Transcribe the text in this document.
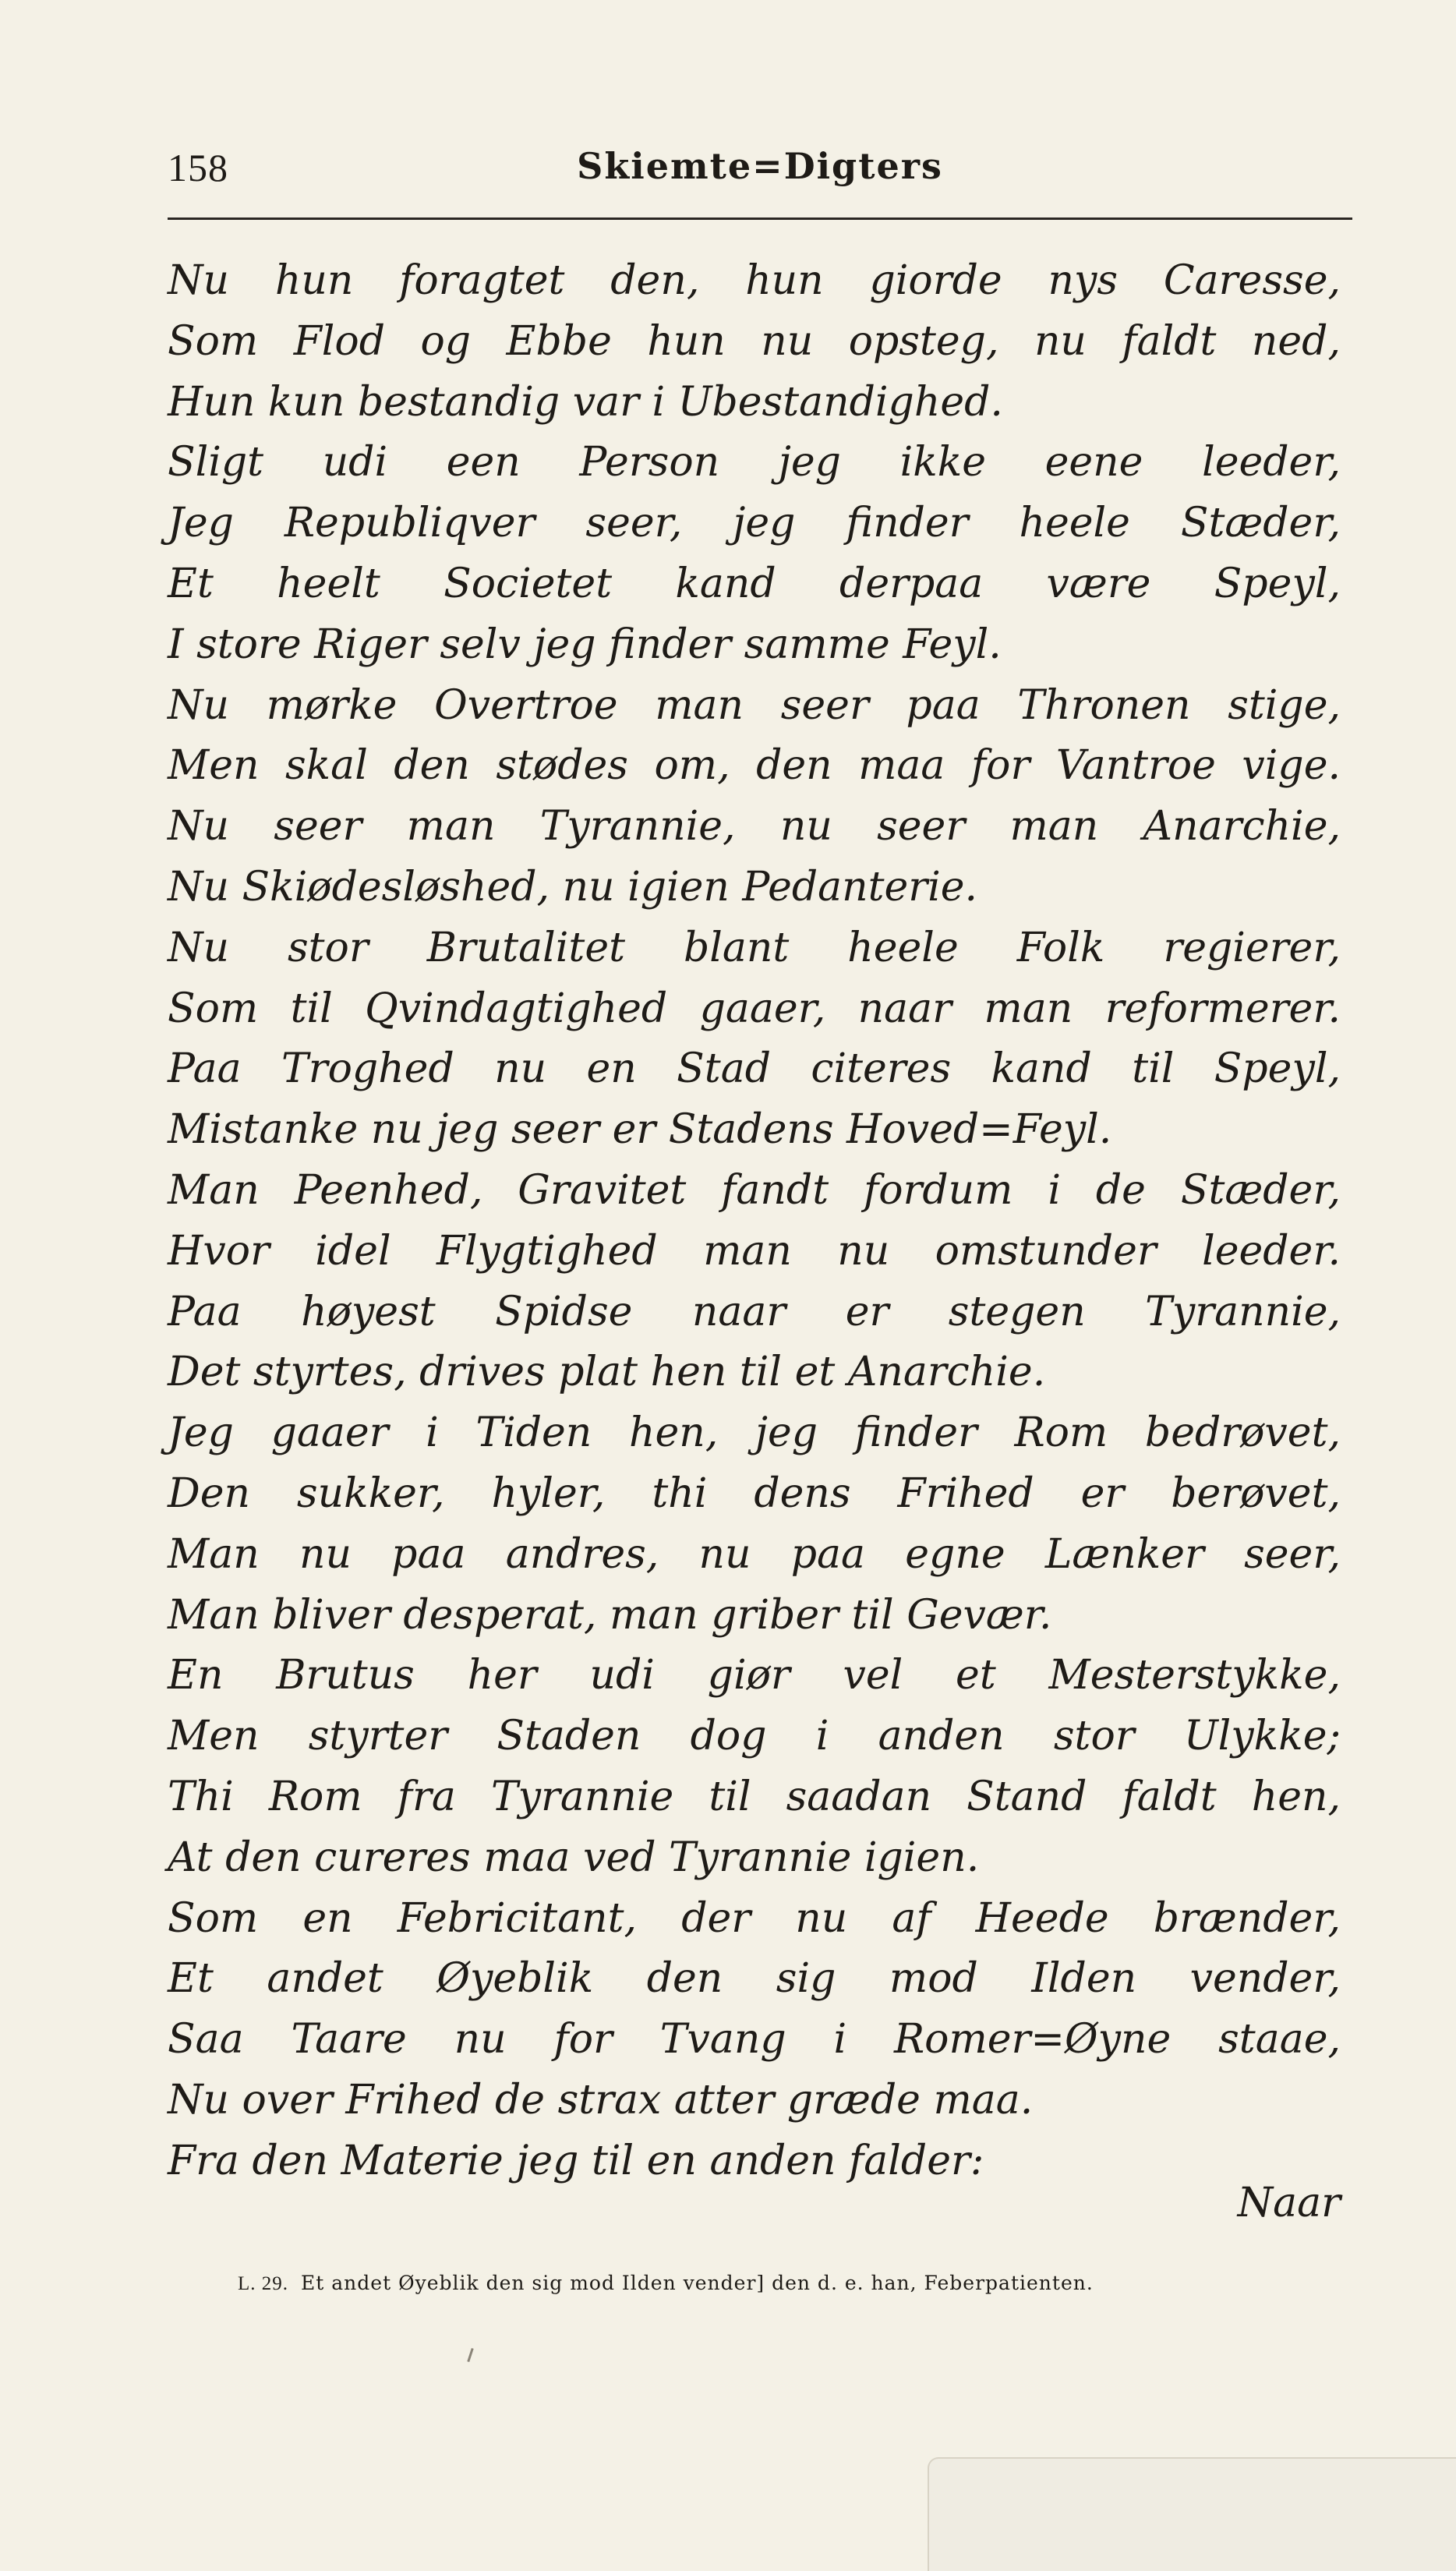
158	Skiemte=Digters
Nu hun foragtet den, hun giorde nys Caresse,
Som Flod og Ebbe hun nu opsteg, nu faldt ned,
Hun kun bestandig var i Ubestandighed.
Sligt udi een Person jeg ikke eene leeder,
Jeg Republiqver seer, jeg finder heele Stæder,
Et heelt Societet kand derpaa være Speyl,
I store Riger selv jeg finder samme Feyl.
Nu mørke Overtroe man seer paa Thronen stige,
Men skal den stødes om, den maa for Vantroe vige.
Nu seer man Tyrannie, nu seer man Anarchie,
Nu Skiødesløshed, nu igien Pedanterie.
Nu stor Brutalitet blant heele Folk regierer,
Som til Qvindagtighed gaaer, naar man reformerer.
Paa Troghed nu en Stad citeres kand til Speyl,
Mistanke nu jeg seer er Stadens Hoved=Feyl.
Man Peenhed, Gravitet fandt fordum i de Stæder,
Hvor idel Flygtighed man nu omstunder leeder.
Paa høyest Spidse naar er stegen Tyrannie,
Det styrtes, drives plat hen til et Anarchie.
Jeg gaaer i Tiden hen, jeg finder Rom bedrøvet,
Den sukker, hyler, thi dens Frihed er berøvet,
Man nu paa andres, nu paa egne Lænker seer,
Man bliver desperat, man griber til Gevær.
En Brutus her udi giør vel et Mesterstykke,
Men styrter Staden dog i anden stor Ulykke;
Thi Rom fra Tyrannie til saadan Stand faldt hen,
At den cureres maa ved Tyrannie igien.
Som en Febricitant, der nu af Heede brænder,
Et andet Øyeblik den sig mod Ilden vender,
Saa Taare nu for Tvang i Romer=Øyne staae,
Nu over Frihed de strax atter græde maa.
Fra den Materie jeg til en anden falder:
Naar
L. 29. Et andet Øyeblik den sig mod Ilden vender] den d. e. han, Feberpatienten.
